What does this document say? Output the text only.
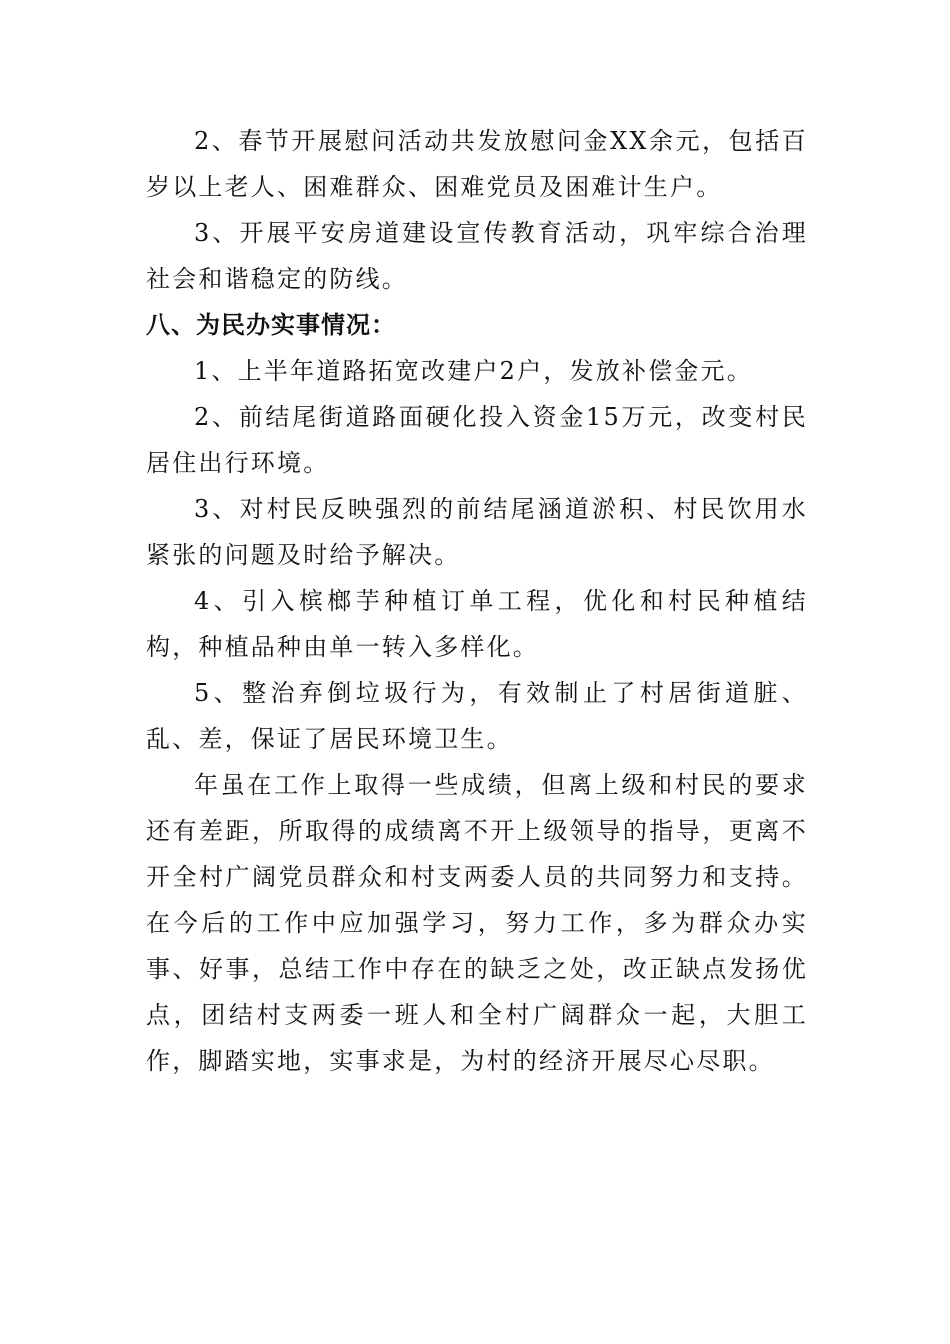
2、春节开展慰问活动共发放慰问金XX余元，包括百岁以上老人、困难群众、困难党员及困难计生户。

3、开展平安房道建设宣传教育活动，巩牢综合治理社会和谐稳定的防线。

八、为民办实事情况：

1、上半年道路拓宽改建户2户，发放补偿金元。

2、前结尾街道路面硬化投入资金15万元，改变村民居住出行环境。

3、对村民反映强烈的前结尾涵道淤积、村民饮用水紧张的问题及时给予解决。

4、引入槟榔芋种植订单工程，优化和村民种植结构，种植品种由单一转入多样化。

5、整治弃倒垃圾行为，有效制止了村居街道脏、乱、差，保证了居民环境卫生。

年虽在工作上取得一些成绩，但离上级和村民的要求还有差距，所取得的成绩离不开上级领导的指导，更离不开全村广阔党员群众和村支两委人员的共同努力和支持。在今后的工作中应加强学习，努力工作，多为群众办实事、好事，总结工作中存在的缺乏之处，改正缺点发扬优点，团结村支两委一班人和全村广阔群众一起，大胆工作，脚踏实地，实事求是，为村的经济开展尽心尽职。
